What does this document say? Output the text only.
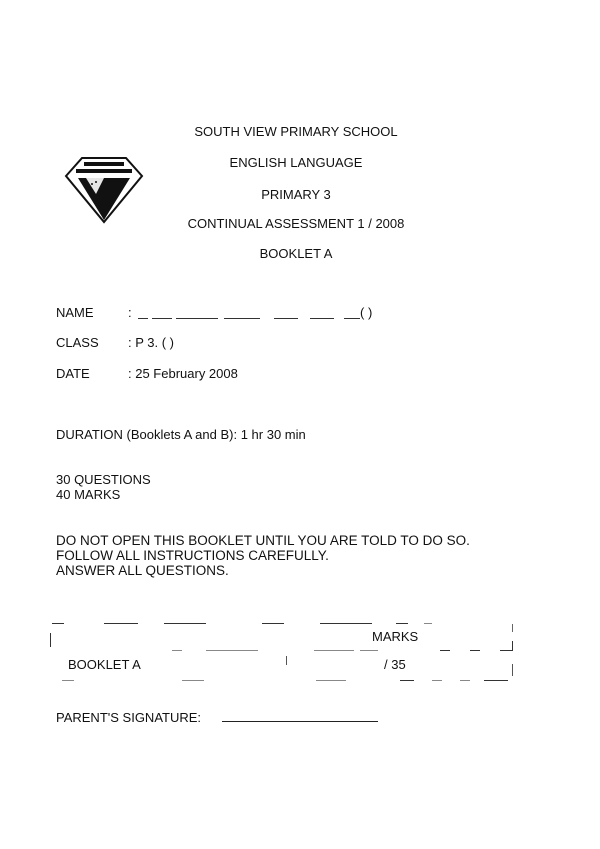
SOUTH VIEW PRIMARY SCHOOL
ENGLISH LANGUAGE
PRIMARY 3
CONTINUAL ASSESSMENT 1 / 2008
BOOKLET A
NAME	:	( )
CLASS : P 3. ( )
DATE	: 25 February 2008
DURATION (Booklets A and B): 1 hr 30 min
30 QUESTIONS
40 MARKS
DO NOT OPEN THIS BOOKLET UNTIL YOU ARE TOLD TO DO SO.
FOLLOW ALL INSTRUCTIONS CAREFULLY.
ANSWER ALL QUESTIONS.
MARKS
BOOKLET A	/ 35
PARENT'S SIGNATURE:
